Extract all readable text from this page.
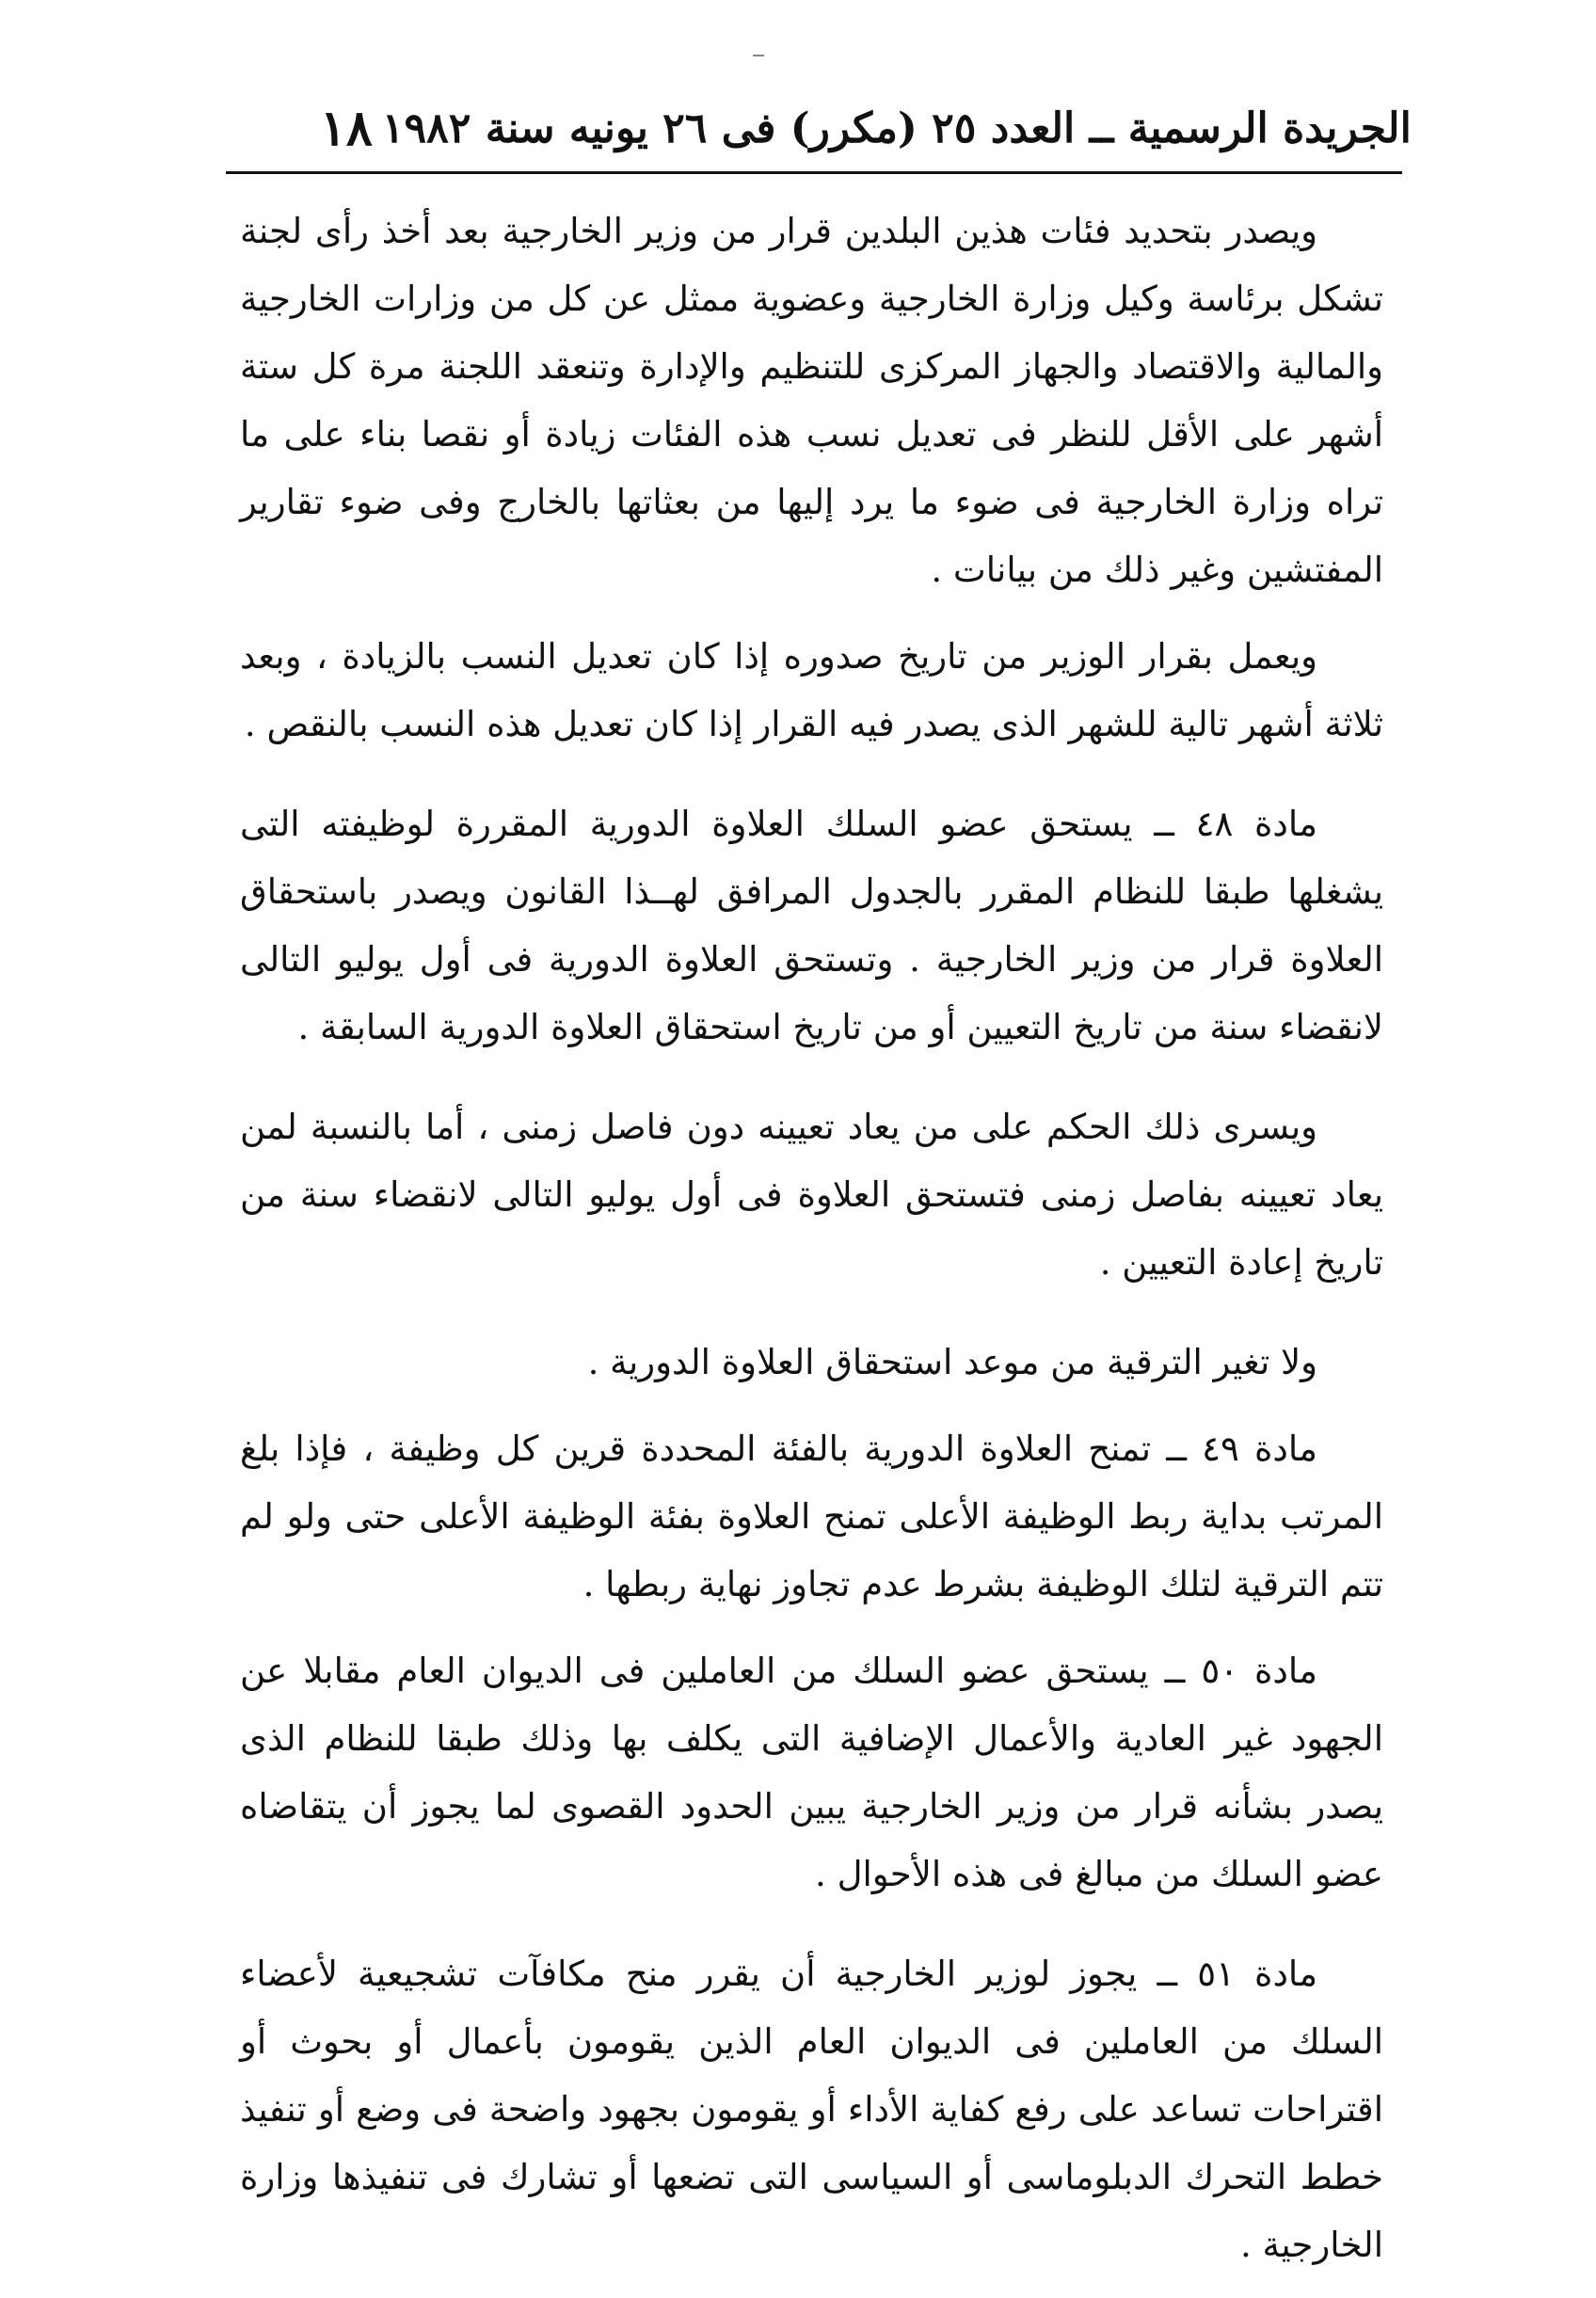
١٨ الجريدة الرسمية ــ العدد ٢٥ (مكرر) فى ٢٦ يونيه سنة ١٩٨٢

ويصدر بتحديد فئات هذين البلدين قرار من وزير الخارجية بعد أخذ رأى لجنة تشكل برئاسة وكيل وزارة الخارجية وعضوية ممثل عن كل من وزارات الخارجية والمالية والاقتصاد والجهاز المركزى للتنظيم والإدارة وتنعقد اللجنة مرة كل ستة أشهر على الأقل للنظر فى تعديل نسب هذه الفئات زيادة أو نقصا بناء على ما تراه وزارة الخارجية فى ضوء ما يرد إليها من بعثاتها بالخارج وفى ضوء تقارير المفتشين وغير ذلك من بيانات .

ويعمل بقرار الوزير من تاريخ صدوره إذا كان تعديل النسب بالزيادة ، وبعد ثلاثة أشهر تالية للشهر الذى يصدر فيه القرار إذا كان تعديل هذه النسب بالنقص .

مادة ٤٨ ــ يستحق عضو السلك العلاوة الدورية المقررة لوظيفته التى يشغلها طبقا للنظام المقرر بالجدول المرافق لهــذا القانون ويصدر باستحقاق العلاوة قرار من وزير الخارجية . وتستحق العلاوة الدورية فى أول يوليو التالى لانقضاء سنة من تاريخ التعيين أو من تاريخ استحقاق العلاوة الدورية السابقة .

ويسرى ذلك الحكم على من يعاد تعيينه دون فاصل زمنى ، أما بالنسبة لمن يعاد تعيينه بفاصل زمنى فتستحق العلاوة فى أول يوليو التالى لانقضاء سنة من تاريخ إعادة التعيين .

ولا تغير الترقية من موعد استحقاق العلاوة الدورية .

مادة ٤٩ ــ تمنح العلاوة الدورية بالفئة المحددة قرين كل وظيفة ، فإذا بلغ المرتب بداية ربط الوظيفة الأعلى تمنح العلاوة بفئة الوظيفة الأعلى حتى ولو لم تتم الترقية لتلك الوظيفة بشرط عدم تجاوز نهاية ربطها .

مادة ٥٠ ــ يستحق عضو السلك من العاملين فى الديوان العام مقابلا عن الجهود غير العادية والأعمال الإضافية التى يكلف بها وذلك طبقا للنظام الذى يصدر بشأنه قرار من وزير الخارجية يبين الحدود القصوى لما يجوز أن يتقاضاه عضو السلك من مبالغ فى هذه الأحوال .

مادة ٥١ ــ يجوز لوزير الخارجية أن يقرر منح مكافآت تشجيعية لأعضاء السلك من العاملين فى الديوان العام الذين يقومون بأعمال أو بحوث أو اقتراحات تساعد على رفع كفاية الأداء أو يقومون بجهود واضحة فى وضع أو تنفيذ خطط التحرك الدبلوماسى أو السياسى التى تضعها أو تشارك فى تنفيذها وزارة الخارجية .
